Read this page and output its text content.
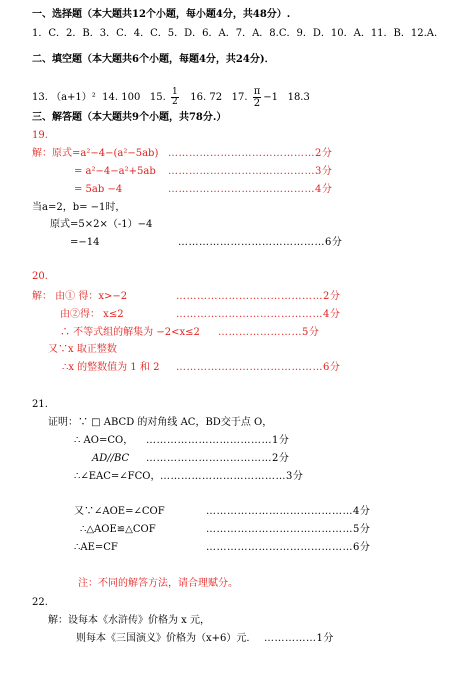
一、选择题（本大题共12个小题，每小题4分，共48分）.
1．C．2．B．3．C．4．C．5．D．6．A．7．A．8.C．9．D．10．A．11．B．12.A.
二、填空题（本大题共6个小题，每题4分，共24分)．
13. （a+1）² 14. 100 15. $\frac{1}{2} 16$. 72 17. $\frac{\pi}{2} -1$ 18.3
三、解答题（本大题共9个小题，共78分.）
19.
解：原式=a²−4−(a²−5ab) ……………………………………2分
= a²−4−a²+5ab ……………………………………3分
= 5ab −4	……………………………………4分
当a=2，b= −1时，
原式=5×2×（-1）−4
=−14	……………………………………6分
20.
解： 由① 得：x>−2	……………………………………2分
由②得： x≤2	……………………………………4分
∴ 不等式组的解集为 −2<x≤2 ……………………5分
又∵x 取正整数
∴x 的整数值为 1 和 2 ……………………………………6分
21.
证明：∵ □ ABCD 的对角线 AC，BD交于点 O，
∴ AO=CO， ………………………………1分
AD//BC ………………………………2分
∴∠EAC=∠FCO， ………………………………3分
又∵∠AOE=∠COF	……………………………………4分
∴△AOE≌△COF	……………………………………5分
∴AE=CF	……………………………………6分
注：不同的解答方法，请合理赋分。
22.
解：设每本《水浒传》价格为 x 元，
则每本《三国演义》价格为（x+6）元． ……………1分
